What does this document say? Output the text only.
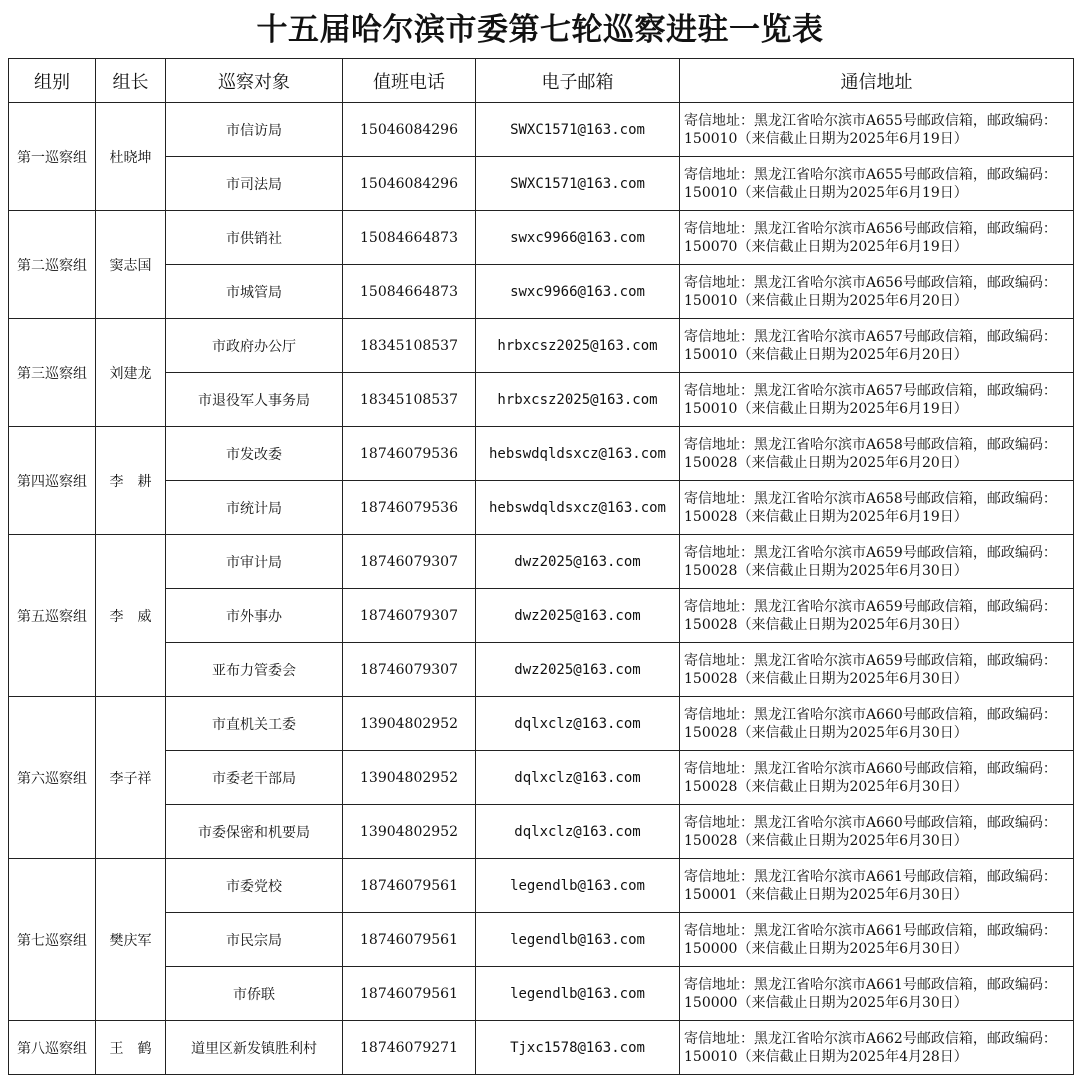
十五届哈尔滨市委第七轮巡察进驻一览表
组别	组长	巡察对象	值班电话	电子邮箱	通信地址
第一巡察组	杜晓坤	市信访局	15046084296	SWXC1571@163.com	寄信地址：黑龙江省哈尔滨市A655号邮政信箱，邮政编码：150010（来信截止日期为2025年6月19日）
		市司法局	15046084296	SWXC1571@163.com	寄信地址：黑龙江省哈尔滨市A655号邮政信箱，邮政编码：150010（来信截止日期为2025年6月19日）
第二巡察组	窦志国	市供销社	15084664873	swxc9966@163.com	寄信地址：黑龙江省哈尔滨市A656号邮政信箱，邮政编码：150070（来信截止日期为2025年6月19日）
		市城管局	15084664873	swxc9966@163.com	寄信地址：黑龙江省哈尔滨市A656号邮政信箱，邮政编码：150010（来信截止日期为2025年6月20日）
第三巡察组	刘建龙	市政府办公厅	18345108537	hrbxcsz2025@163.com	寄信地址：黑龙江省哈尔滨市A657号邮政信箱，邮政编码：150010（来信截止日期为2025年6月20日）
		市退役军人事务局	18345108537	hrbxcsz2025@163.com	寄信地址：黑龙江省哈尔滨市A657号邮政信箱，邮政编码：150010（来信截止日期为2025年6月19日）
第四巡察组	李　耕	市发改委	18746079536	hebswdqldsxcz@163.com	寄信地址：黑龙江省哈尔滨市A658号邮政信箱，邮政编码：150028（来信截止日期为2025年6月20日）
		市统计局	18746079536	hebswdqldsxcz@163.com	寄信地址：黑龙江省哈尔滨市A658号邮政信箱，邮政编码：150028（来信截止日期为2025年6月19日）
第五巡察组	李　威	市审计局	18746079307	dwz2025@163.com	寄信地址：黑龙江省哈尔滨市A659号邮政信箱，邮政编码：150028（来信截止日期为2025年6月30日）
		市外事办	18746079307	dwz2025@163.com	寄信地址：黑龙江省哈尔滨市A659号邮政信箱，邮政编码：150028（来信截止日期为2025年6月30日）
		亚布力管委会	18746079307	dwz2025@163.com	寄信地址：黑龙江省哈尔滨市A659号邮政信箱，邮政编码：150028（来信截止日期为2025年6月30日）
第六巡察组	李子祥	市直机关工委	13904802952	dqlxclz@163.com	寄信地址：黑龙江省哈尔滨市A660号邮政信箱，邮政编码：150028（来信截止日期为2025年6月30日）
		市委老干部局	13904802952	dqlxclz@163.com	寄信地址：黑龙江省哈尔滨市A660号邮政信箱，邮政编码：150028（来信截止日期为2025年6月30日）
		市委保密和机要局	13904802952	dqlxclz@163.com	寄信地址：黑龙江省哈尔滨市A660号邮政信箱，邮政编码：150028（来信截止日期为2025年6月30日）
第七巡察组	樊庆军	市委党校	18746079561	legendlb@163.com	寄信地址：黑龙江省哈尔滨市A661号邮政信箱，邮政编码：150001（来信截止日期为2025年6月30日）
		市民宗局	18746079561	legendlb@163.com	寄信地址：黑龙江省哈尔滨市A661号邮政信箱，邮政编码：150000（来信截止日期为2025年6月30日）
		市侨联	18746079561	legendlb@163.com	寄信地址：黑龙江省哈尔滨市A661号邮政信箱，邮政编码：150000（来信截止日期为2025年6月30日）
第八巡察组	王　鹤	道里区新发镇胜利村	18746079271	Tjxc1578@163.com	寄信地址：黑龙江省哈尔滨市A662号邮政信箱，邮政编码：150010（来信截止日期为2025年4月28日）
